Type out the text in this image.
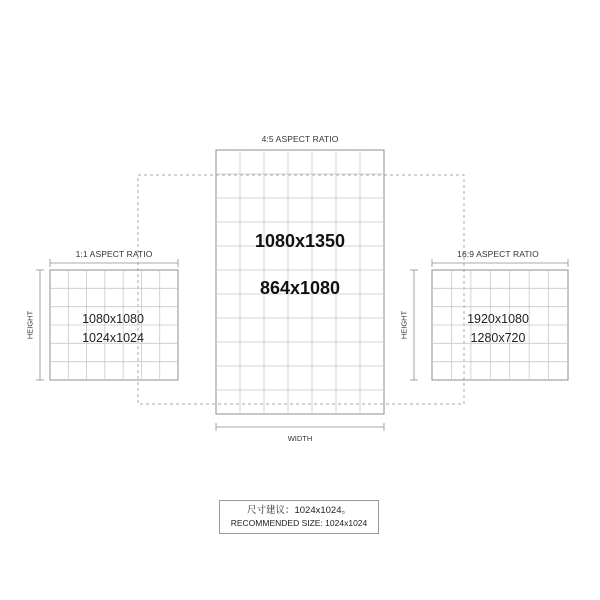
1:1 ASPECT RATIO
HEIGHT	1080x1080
1024x1024
4:5 ASPECT RATIO
1080x1350
864x1080
WIDTH
16:9 ASPECT RATIO
HEIGHT	1920x1080
1280x720
尺寸建议：1024x1024。
RECOMMENDED SIZE: 1024x1024
